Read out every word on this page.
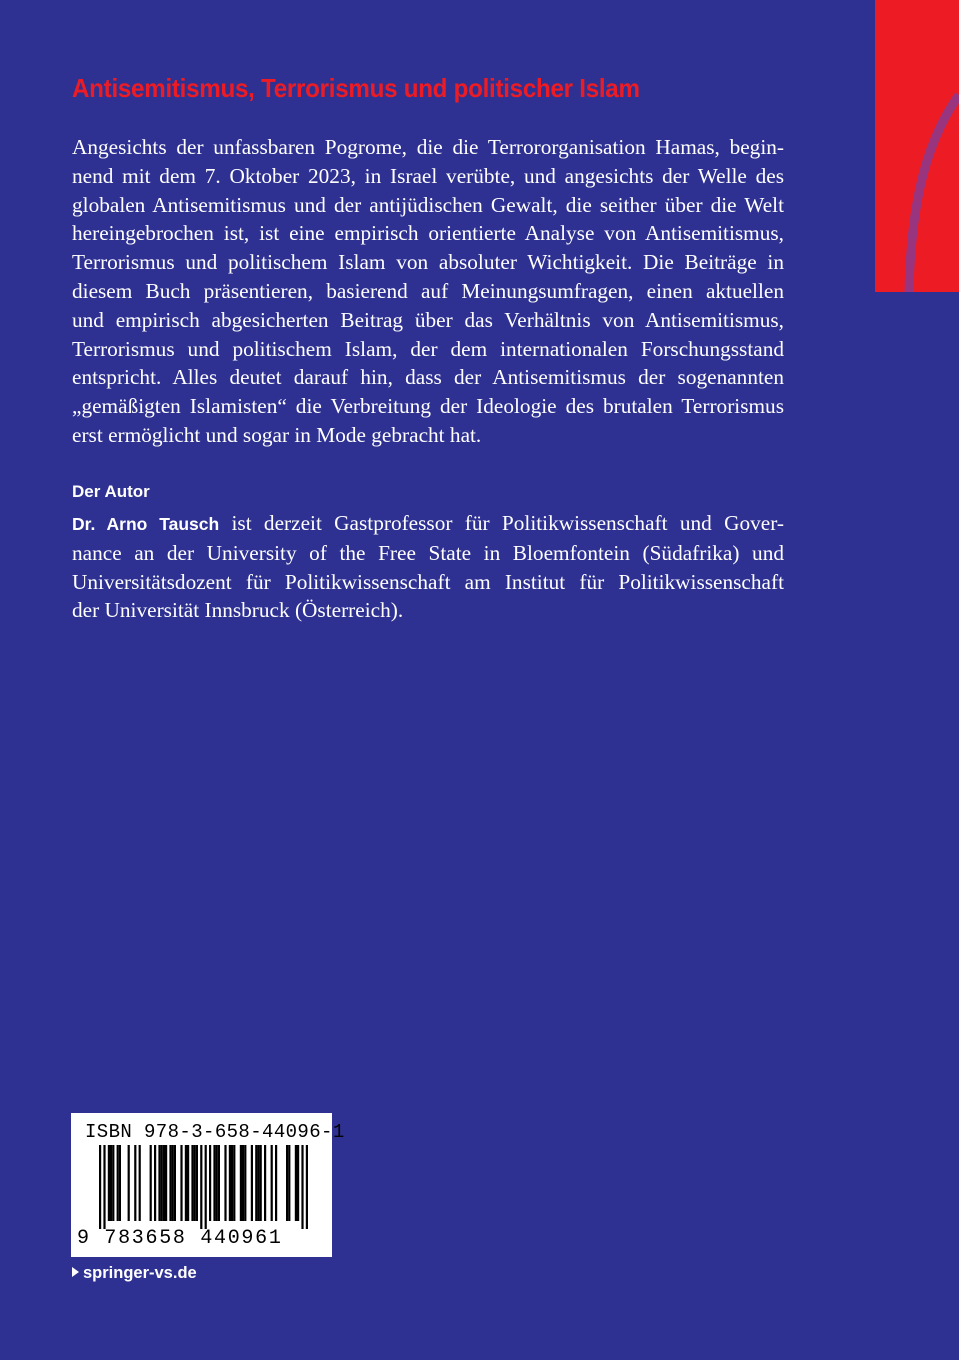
Antisemitismus, Terrorismus und politischer Islam
Angesichts der unfassbaren Pogrome, die die Terrororganisation Hamas, begin-
nend mit dem 7. Oktober 2023, in Israel verübte, und angesichts der Welle des
globalen Antisemitismus und der antijüdischen Gewalt, die seither über die Welt
hereingebrochen ist, ist eine empirisch orientierte Analyse von Antisemitismus,
Terrorismus und politischem Islam von absoluter Wichtigkeit. Die Beiträge in
diesem Buch präsentieren, basierend auf Meinungsumfragen, einen aktuellen
und empirisch abgesicherten Beitrag über das Verhältnis von Antisemitismus,
Terrorismus und politischem Islam, der dem internationalen Forschungsstand
entspricht. Alles deutet darauf hin, dass der Antisemitismus der sogenannten
„gemäßigten Islamisten“ die Verbreitung der Ideologie des brutalen Terrorismus
erst ermöglicht und sogar in Mode gebracht hat.
Der Autor
Dr. Arno Tausch ist derzeit Gastprofessor für Politikwissenschaft und Gover-
nance an der University of the Free State in Bloemfontein (Südafrika) und
Universitätsdozent für Politikwissenschaft am Institut für Politikwissenschaft
der Universität Innsbruck (Österreich).
ISBN 978-3-658-44096-1
9 783658 440961
springer-vs.de
